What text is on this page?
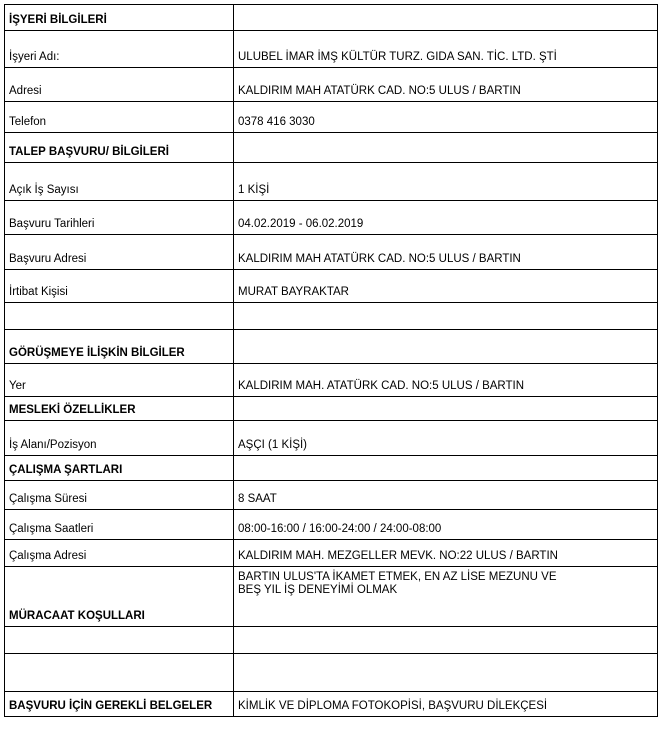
İŞYERİ BİLGİLERİ	
İşyeri Adı:	ULUBEL İMAR İMŞ KÜLTÜR TURZ. GIDA SAN. TİC. LTD. ŞTİ
Adresi	KALDIRIM MAH ATATÜRK CAD. NO:5 ULUS / BARTIN
Telefon	0378 416 3030
TALEP BAŞVURU/ BİLGİLERİ	
Açık İş Sayısı	1 KİŞİ
Başvuru Tarihleri	04.02.2019 - 06.02.2019
Başvuru Adresi	KALDIRIM MAH ATATÜRK CAD. NO:5 ULUS / BARTIN
İrtibat Kişisi	MURAT BAYRAKTAR

GÖRÜŞMEYE İLİŞKİN BİLGİLER	
Yer	KALDIRIM MAH. ATATÜRK CAD. NO:5 ULUS / BARTIN
MESLEKİ ÖZELLİKLER	
İş Alanı/Pozisyon	AŞÇI (1 KİŞİ)
ÇALIŞMA ŞARTLARI	
Çalışma Süresi	8 SAAT
Çalışma Saatleri	08:00-16:00 / 16:00-24:00 / 24:00-08:00
Çalışma Adresi	KALDIRIM MAH. MEZGELLER MEVK. NO:22 ULUS / BARTIN
MÜRACAAT KOŞULLARI	BARTIN ULUS'TA İKAMET ETMEK, EN AZ LİSE MEZUNU VE
BEŞ YIL İŞ DENEYİMİ OLMAK

BAŞVURU İÇİN GEREKLİ BELGELER	KİMLİK VE DİPLOMA FOTOKOPİSİ, BAŞVURU DİLEKÇESİ
